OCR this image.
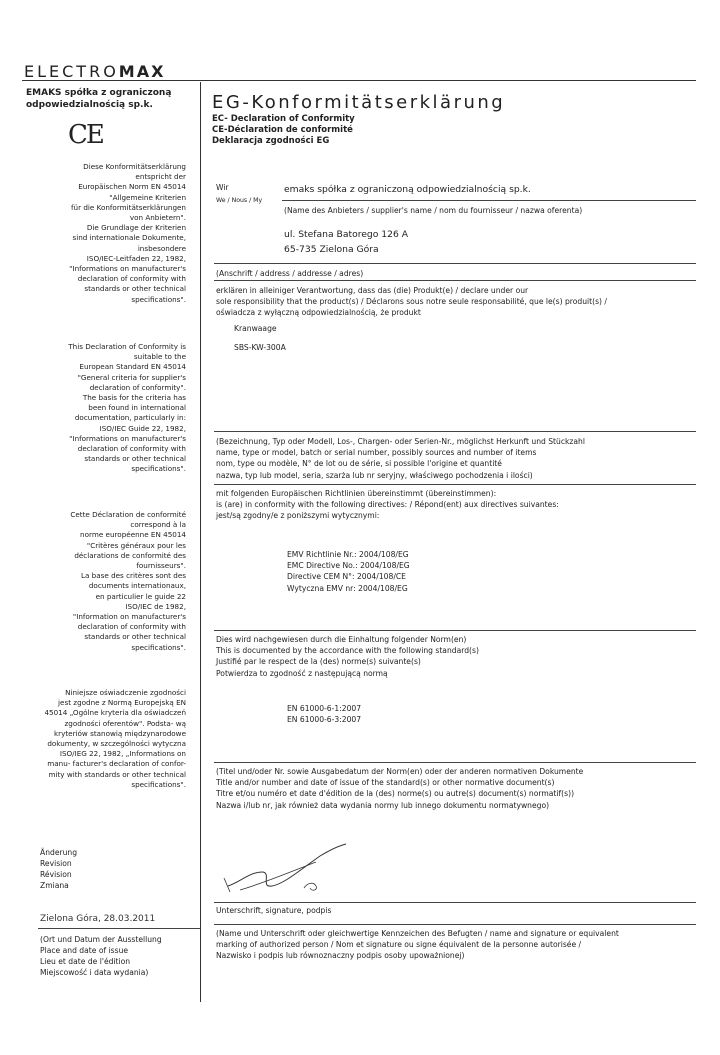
ELECTROMAX
EMAKS spółka z ograniczoną
odpowiedzialnością sp.k.
CE
Diese Konformitätserklärung
entspricht der
Europäischen Norm EN 45014
"Allgemeine Kriterien
für die Konformitätserklärungen
von Anbietern".
Die Grundlage der Kriterien
sind internationale Dokumente,
insbesondere
ISO/IEC-Leitfaden 22, 1982,
"Informations on manufacturer's
declaration of conformity with
standards or other technical
specifications".
This Declaration of Conformity is
suitable to the
European Standard EN 45014
"General criteria for supplier's
declaration of conformity".
The basis for the criteria has
been found in international
documentation, particularly in:
ISO/IEC Guide 22, 1982,
"Informations on manufacturer's
declaration of conformity with
standards or other technical
specifications".
Cette Déclaration de conformité
correspond à la
norme européenne EN 45014
"Critères généraux pour les
déclarations de conformité des
fournisseurs".
La base des critères sont des
documents internationaux,
en particulier le guide 22
ISO/IEC de 1982,
"Information on manufacturer's
declaration of conformity with
standards or other technical
specifications".
Niniejsze oświadczenie zgodności
jest zgodne z Normą Europejską EN
45014 „Ogólne kryteria dla oświadczeń
zgodności oferentów". Podsta- wą
kryteriów stanowią międzynarodowe
dokumenty, w szczególności wytyczna
ISO/IEG 22, 1982, „Informations on
manu- facturer's declaration of confor-
mity with standards or other technical
specifications".
Änderung
Revision
Révision
Zmiana
Zielona Góra, 28.03.2011
(Ort und Datum der Ausstellung
Place and date of issue
Lieu et date de l'édition
Miejscowość i data wydania)
EG-Konformitätserklärung
EC- Declaration of Conformity
CE-Déclaration de conformité
Deklaracja zgodności EG
Wir
We / Nous / My
emaks spółka z ograniczoną odpowiedzialnością sp.k.
(Name des Anbieters / supplier's name / nom du fournisseur / nazwa oferenta)
ul. Stefana Batorego 126 A
65-735 Zielona Góra
(Anschrift / address / addresse / adres)
erklären in alleiniger Verantwortung, dass das (die) Produkt(e) / declare under our
sole responsibility that the product(s) / Déclarons sous notre seule responsabilité, que le(s) produit(s) /
oświadcza z wyłączną odpowiedzialnością, że produkt
Kranwaage
SBS-KW-300A
(Bezeichnung, Typ oder Modell, Los-, Chargen- oder Serien-Nr., möglichst Herkunft und Stückzahl
name, type or model, batch or serial number, possibly sources and number of items
nom, type ou modèle, N° de lot ou de série, si possible l'origine et quantité
nazwa, typ lub model, seria, szarża lub nr seryjny, właściwego pochodzenia i ilości)
mit folgenden Europäischen Richtlinien übereinstimmt (übereinstimmen):
is (are) in conformity with the following directives: / Répond(ent) aux directives suivantes:
jest/są zgodny/e z poniższymi wytycznymi:
EMV Richtlinie Nr.: 2004/108/EG
EMC Directive No.: 2004/108/EG
Directive CEM N°: 2004/108/CE
Wytyczna EMV nr: 2004/108/EG
Dies wird nachgewiesen durch die Einhaltung folgender Norm(en)
This is documented by the accordance with the following standard(s)
Justifié par le respect de la (des) norme(s) suivante(s)
Potwierdza to zgodność z następującą normą
EN 61000-6-1:2007
EN 61000-6-3:2007
(Titel und/oder Nr. sowie Ausgabedatum der Norm(en) oder der anderen normativen Dokumente
Title and/or number and date of issue of the standard(s) or other normative document(s)
Titre et/ou numéro et date d'édition de la (des) norme(s) ou autre(s) document(s) normatif(s))
Nazwa i/lub nr, jak również data wydania normy lub innego dokumentu normatywnego)
Unterschrift, signature, podpis
(Name und Unterschrift oder gleichwertige Kennzeichen des Befugten / name and signature or equivalent
marking of authorized person / Nom et signature ou signe équivalent de la personne autorisée /
Nazwisko i podpis lub równoznaczny podpis osoby upoważnionej)
